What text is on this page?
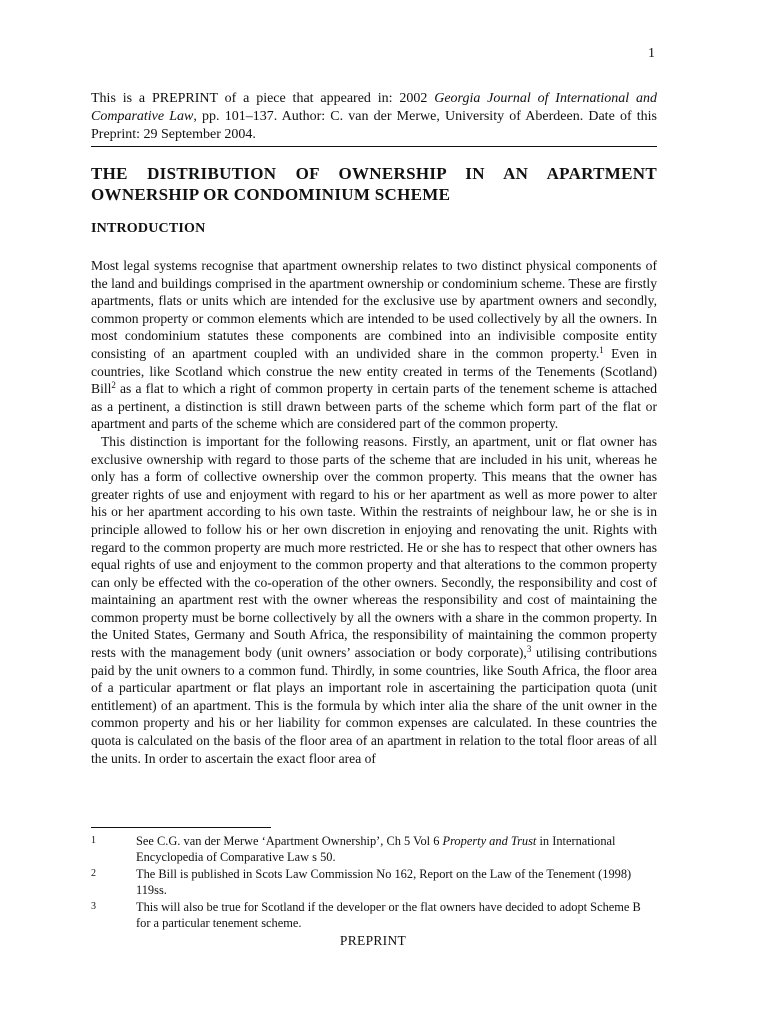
1
This is a PREPRINT of a piece that appeared in: 2002 Georgia Journal of International and Comparative Law, pp. 101–137. Author: C. van der Merwe, University of Aberdeen. Date of this Preprint: 29 September 2004.
THE DISTRIBUTION OF OWNERSHIP IN AN APARTMENT OWNERSHIP OR CONDOMINIUM SCHEME
INTRODUCTION

Most legal systems recognise that apartment ownership relates to two distinct physical components of the land and buildings comprised in the apartment ownership or condominium scheme. These are firstly apartments, flats or units which are intended for the exclusive use by apartment owners and secondly, common property or common elements which are intended to be used collectively by all the owners. In most condominium statutes these components are combined into an indivisible composite entity consisting of an apartment coupled with an undivided share in the common property.$^1$ Even in countries, like Scotland which construe the new entity created in terms of the Tenements (Scotland) Bill$^2$ as a flat to which a right of common property in certain parts of the tenement scheme is attached as a pertinent, a distinction is still drawn between parts of the scheme which form part of the flat or apartment and parts of the scheme which are considered part of the common property.

This distinction is important for the following reasons. Firstly, an apartment, unit or flat owner has exclusive ownership with regard to those parts of the scheme that are included in his unit, whereas he only has a form of collective ownership over the common property. This means that the owner has greater rights of use and enjoyment with regard to his or her apartment as well as more power to alter his or her apartment according to his own taste. Within the restraints of neighbour law, he or she is in principle allowed to follow his or her own discretion in enjoying and renovating the unit. Rights with regard to the common property are much more restricted. He or she has to respect that other owners has equal rights of use and enjoyment to the common property and that alterations to the common property can only be effected with the co-operation of the other owners. Secondly, the responsibility and cost of maintaining an apartment rest with the owner whereas the responsibility and cost of maintaining the common property must be borne collectively by all the owners with a share in the common property. In the United States, Germany and South Africa, the responsibility of maintaining the common property rests with the management body (unit owners’ association or body corporate),$^3$ utilising contributions paid by the unit owners to a common fund. Thirdly, in some countries, like South Africa, the floor area of a particular apartment or flat plays an important role in ascertaining the participation quota (unit entitlement) of an apartment. This is the formula by which inter alia the share of the unit owner in the common property and his or her liability for common expenses are calculated. In these countries the quota is calculated on the basis of the floor area of an apartment in relation to the total floor areas of all the units. In order to ascertain the exact floor area of

1	See C.G. van der Merwe ‘Apartment Ownership’, Ch 5 Vol 6 Property and Trust in International Encyclopedia of Comparative Law s 50.
2	The Bill is published in Scots Law Commission No 162, Report on the Law of the Tenement (1998) 119ss.
3	This will also be true for Scotland if the developer or the flat owners have decided to adopt Scheme B for a particular tenement scheme.
PREPRINT
